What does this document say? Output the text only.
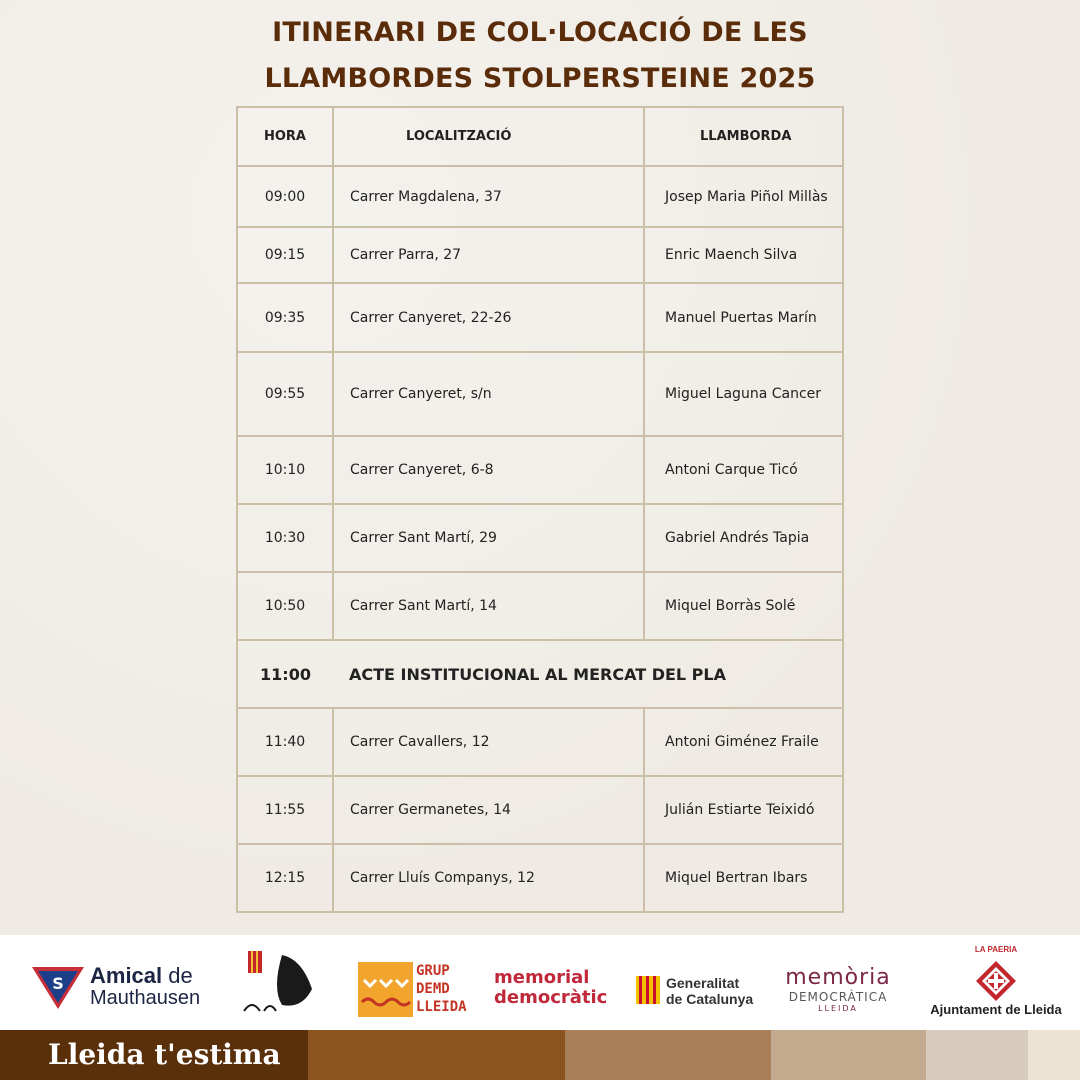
ITINERARI DE COL·LOCACIÓ DE LES
LLAMBORDES STOLPERSTEINE 2025
HORA	LOCALITZACIÓ	LLAMBORDA
09:00	Carrer Magdalena, 37	Josep Maria Piñol Millàs
09:15	Carrer Parra, 27	Enric Maench Silva
09:35	Carrer Canyeret, 22-26	Manuel Puertas Marín
09:55	Carrer Canyeret, s/n	Miguel Laguna Cancer
10:10	Carrer Canyeret, 6-8	Antoni Carque Ticó
10:30	Carrer Sant Martí, 29	Gabriel Andrés Tapia
10:50	Carrer Sant Martí, 14	Miquel Borràs Solé
11:00	ACTE INSTITUCIONAL AL MERCAT DEL PLA	
11:40	Carrer Cavallers, 12	Antoni Giménez Fraile
11:55	Carrer Germanetes, 14	Julián Estiarte Teixidó
12:15	Carrer Lluís Companys, 12	Miquel Bertran Ibars
S Amical de
Mauthausen
GRUP
DEMD
LLEIDA
memorial
democràtic
Generalitat
de Catalunya
memòria
DEMOCRÀTICA
LLEIDA
LA PAERIA
Ajuntament de Lleida
Lleida t'estima
